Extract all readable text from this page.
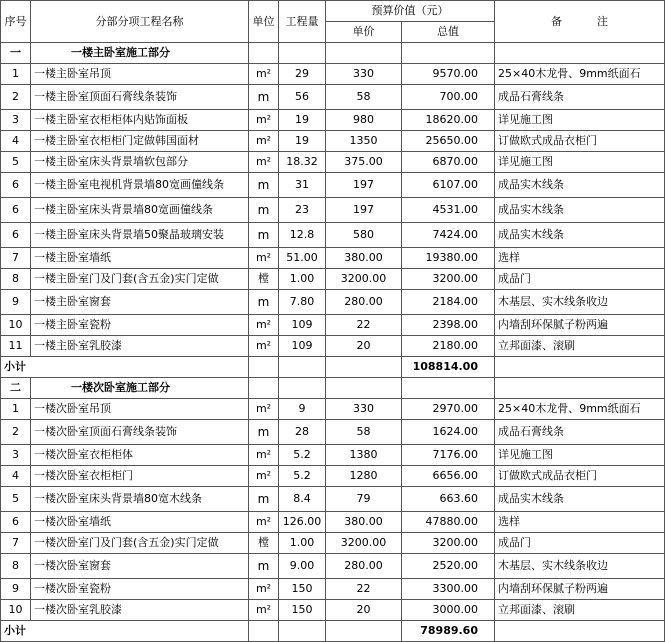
序号	分部分项工程名称	单位	工程量	预算价值（元）		备          注
				单价	总值	
一	一楼主卧室施工部分					
1	一楼主卧室吊顶	m²	29	330	9570.00	25×40木龙骨、9mm纸面石
2	一楼主卧室顶面石膏线条装饰	m	56	58	700.00	成品石膏线条
3	一楼主卧室衣柜柜体内贴饰面板	m²	19	980	18620.00	详见施工图
4	一楼主卧室衣柜柜门定做韩国面材	m²	19	1350	25650.00	订做欧式成品衣柜门
5	一楼主卧室床头背景墙软包部分	m²	18.32	375.00	6870.00	详见施工图
6	一楼主卧室电视机背景墙80宽画僮线条	m	31	197	6107.00	成品实木线条
6	一楼主卧室床头背景墙80宽画僮线条	m	23	197	4531.00	成品实木线条
6	一楼主卧室床头背景墙50聚晶玻璃安装	m	12.8	580	7424.00	成品实木线条
7	一楼主卧室墙纸	m²	51.00	380.00	19380.00	选样
8	一楼主卧室门及门套(含五金)实门定做	樘	1.00	3200.00	3200.00	成品门
9	一楼主卧室窗套	m	7.80	280.00	2184.00	木基层、实木线条收边
10	一楼主卧室瓷粉	m²	109	22	2398.00	内墙刮环保腻子粉两遍
11	一楼主卧室乳胶漆	m²	109	20	2180.00	立邦面漆、滚刷
小计					108814.00	
二	一楼次卧室施工部分					
1	一楼次卧室吊顶	m²	9	330	2970.00	25×40木龙骨、9mm纸面石
2	一楼次卧室顶面石膏线条装饰	m	28	58	1624.00	成品石膏线条
3	一楼次卧室衣柜柜体	m²	5.2	1380	7176.00	详见施工图
4	一楼次卧室衣柜柜门	m²	5.2	1280	6656.00	订做欧式成品衣柜门
5	一楼次卧室床头背景墙80宽木线条	m	8.4	79	663.60	成品实木线条
6	一楼次卧室墙纸	m²	126.00	380.00	47880.00	选样
7	一楼次卧室门及门套(含五金)实门定做	樘	1.00	3200.00	3200.00	成品门
8	一楼次卧室窗套	m	9.00	280.00	2520.00	木基层、实木线条收边
9	一楼次卧室瓷粉	m²	150	22	3300.00	内墙刮环保腻子粉两遍
10	一楼次卧室乳胶漆	m²	150	20	3000.00	立邦面漆、滚刷
小计					78989.60	
